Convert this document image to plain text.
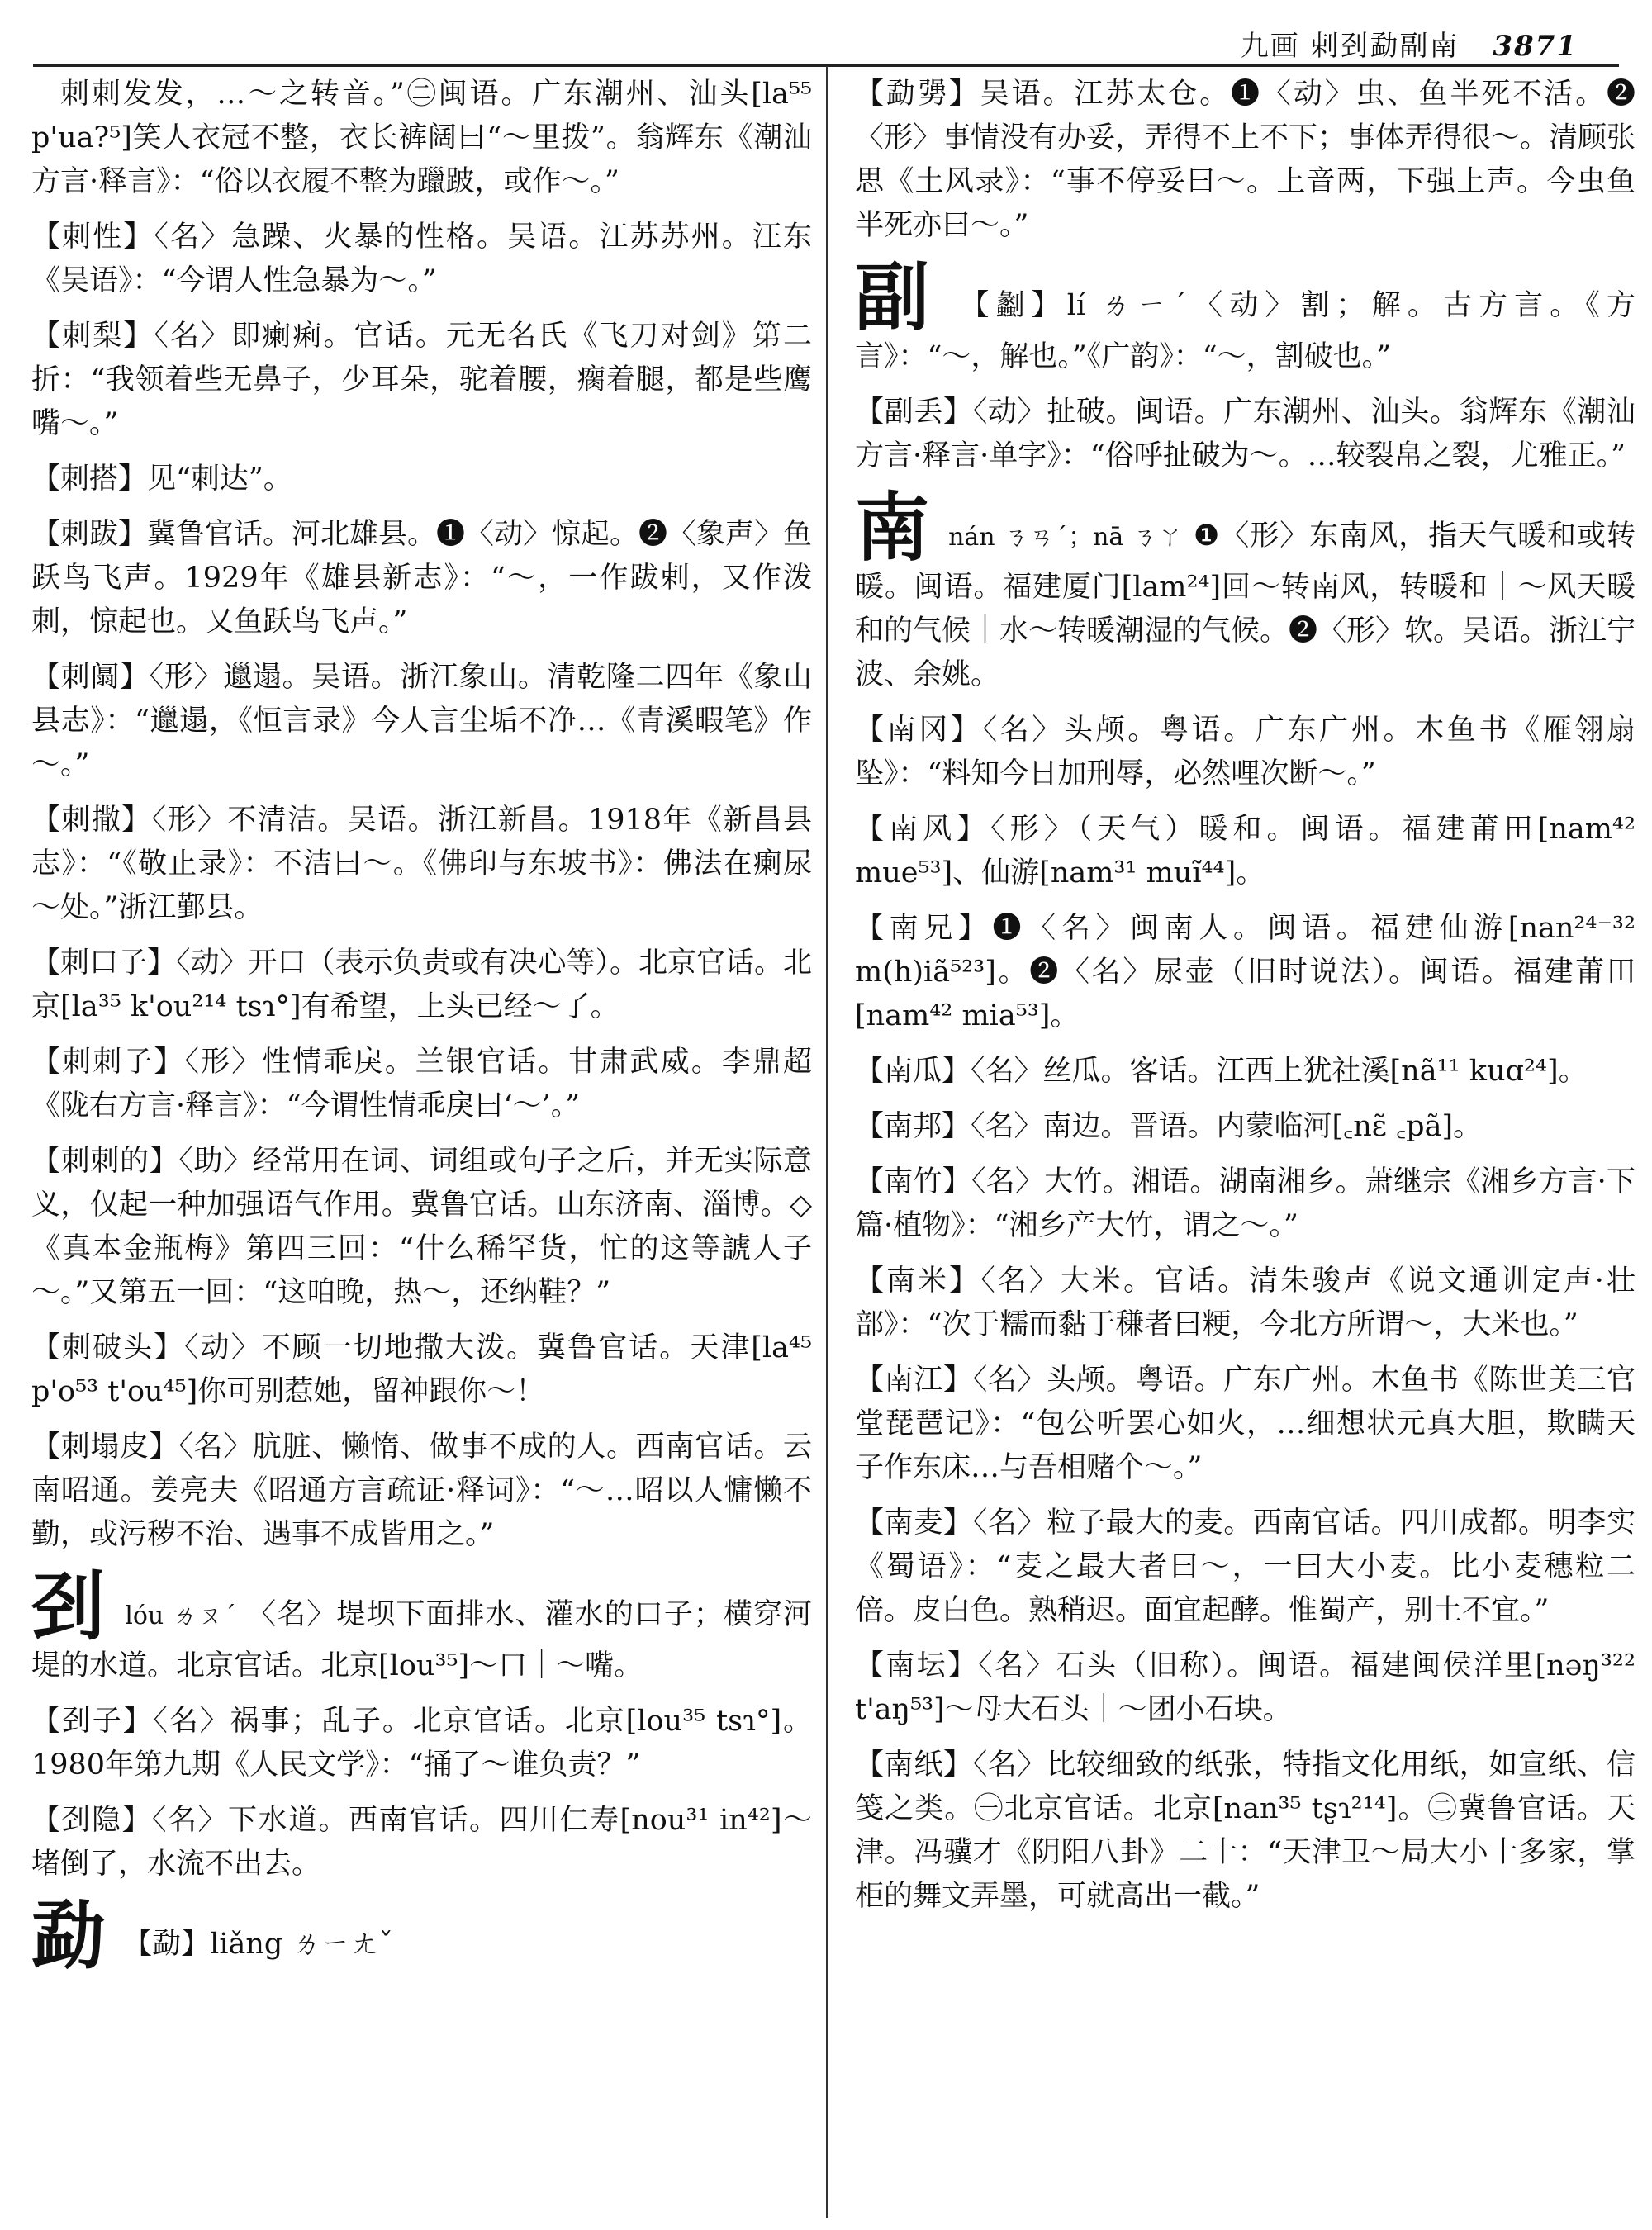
九画 剌刭勐副南 3871

刺刺发发，…～之转音。”㊁闽语。广东潮州、汕头[la⁵⁵ p'ua?⁵]笑人衣冠不整，衣长裤阔曰“～里拨”。翁辉东《潮汕方言·释言》：“俗以衣履不整为躐跛，或作～。”

【刺性】〈名〉急躁、火暴的性格。吴语。江苏苏州。汪东《吴语》：“今谓人性急暴为～。”

【刺梨】〈名〉即瘌痢。官话。元无名氏《飞刀对剑》第二折：“我领着些无鼻子，少耳朵，驼着腰，瘸着腿，都是些鹰嘴～。”

【刺搭】见“刺达”。

【刺跋】冀鲁官话。河北雄县。❶〈动〉惊起。❷〈象声〉鱼跃鸟飞声。1929年《雄县新志》：“～，一作跋剌，又作泼刺，惊起也。又鱼跃鸟飞声。”

【刺阘】〈形〉邋遢。吴语。浙江象山。清乾隆二四年《象山县志》：“邋遢，《恒言录》今人言尘垢不净…《青溪暇笔》作～。”

【刺撒】〈形〉不清洁。吴语。浙江新昌。1918年《新昌县志》：“《敬止录》：不洁曰～。《佛印与东坡书》：佛法在瘌尿～处。”浙江鄞县。

【刺口子】〈动〉开口（表示负责或有决心等）。北京官话。北京[la³⁵ k'ou²¹⁴ tsɿ°]有希望，上头已经～了。

【刺刺子】〈形〉性情乖戾。兰银官话。甘肃武威。李鼎超《陇右方言·释言》：“今谓性情乖戾曰‘～’。”

【刺刺的】〈助〉经常用在词、词组或句子之后，并无实际意义，仅起一种加强语气作用。冀鲁官话。山东济南、淄博。◇《真本金瓶梅》第四三回：“什么稀罕货，忙的这等諕人子～。”又第五一回：“这咱晚，热～，还纳鞋？”

【刺破头】〈动〉不顾一切地撒大泼。冀鲁官话。天津[la⁴⁵ p'o⁵³ t'ou⁴⁵]你可别惹她，留神跟你～！

【刺塌皮】〈名〉肮脏、懒惰、做事不成的人。西南官话。云南昭通。姜亮夫《昭通方言疏证·释词》：“～…昭以人慵懒不勤，或污秽不治、遇事不成皆用之。”

刭 lóu ㄌㄡˊ 〈名〉堤坝下面排水、灌水的口子；横穿河堤的水道。北京官话。北京[lou³⁵]～口｜～嘴。

【刭子】〈名〉祸事；乱子。北京官话。北京[lou³⁵ tsɿ°]。1980年第九期《人民文学》：“捅了～谁负责？”

【刭隐】〈名〉下水道。西南官话。四川仁寿[nou³¹ in⁴²]～堵倒了，水流不出去。

勐 【勐】liǎng ㄌㄧㄤˇ

【勐勥】吴语。江苏太仓。❶〈动〉虫、鱼半死不活。❷〈形〉事情没有办妥，弄得不上不下；事体弄得很～。清顾张思《土风录》：“事不停妥曰～。上音两，下强上声。今虫鱼半死亦曰～。”

副 【劙】lí ㄌㄧˊ〈动〉割；解。古方言。《方言》：“～，解也。”《广韵》：“～，割破也。”

【副丢】〈动〉扯破。闽语。广东潮州、汕头。翁辉东《潮汕方言·释言·单字》：“俗呼扯破为～。…较裂帛之裂，尤雅正。”

南 nán ㄋㄢˊ；nā ㄋㄚ ❶〈形〉东南风，指天气暖和或转暖。闽语。福建厦门[lam²⁴]回～转南风，转暖和｜～风天暖和的气候｜水～转暖潮湿的气候。❷〈形〉软。吴语。浙江宁波、余姚。

【南冈】〈名〉头颅。粤语。广东广州。木鱼书《雁翎扇坠》：“料知今日加刑辱，必然哩次断～。”

【南风】〈形〉（天气）暖和。闽语。福建莆田[nam⁴² mue⁵³]、仙游[nam³¹ muĩ⁴⁴]。

【南兄】❶〈名〉闽南人。闽语。福建仙游[nan²⁴⁻³² m(h)iã⁵²³]。❷〈名〉尿壶（旧时说法）。闽语。福建莆田[nam⁴² mia⁵³]。

【南瓜】〈名〉丝瓜。客话。江西上犹社溪[nã¹¹ kuɑ²⁴]。

【南邦】〈名〉南边。晋语。内蒙临河[꜀nɛ̃ ꜀pã]。

【南竹】〈名〉大竹。湘语。湖南湘乡。萧继宗《湘乡方言·下篇·植物》：“湘乡产大竹，谓之～。”

【南米】〈名〉大米。官话。清朱骏声《说文通训定声·壮部》：“次于糯而黏于稴者曰粳，今北方所谓～，大米也。”

【南江】〈名〉头颅。粤语。广东广州。木鱼书《陈世美三官堂琵琶记》：“包公听罢心如火，…细想状元真大胆，欺瞒天子作东床…与吾相赌个～。”

【南麦】〈名〉粒子最大的麦。西南官话。四川成都。明李实《蜀语》：“麦之最大者曰～，一曰大小麦。比小麦穗粒二倍。皮白色。熟稍迟。面宜起酵。惟蜀产，别土不宜。”

【南坛】〈名〉石头（旧称）。闽语。福建闽侯洋里[nəŋ³²² t'aŋ⁵³]～母大石头｜～团小石块。

【南纸】〈名〉比较细致的纸张，特指文化用纸，如宣纸、信笺之类。㊀北京官话。北京[nan³⁵ tʂɿ²¹⁴]。㊁冀鲁官话。天津。冯骥才《阴阳八卦》二十：“天津卫～局大小十多家，掌柜的舞文弄墨，可就高出一截。”
